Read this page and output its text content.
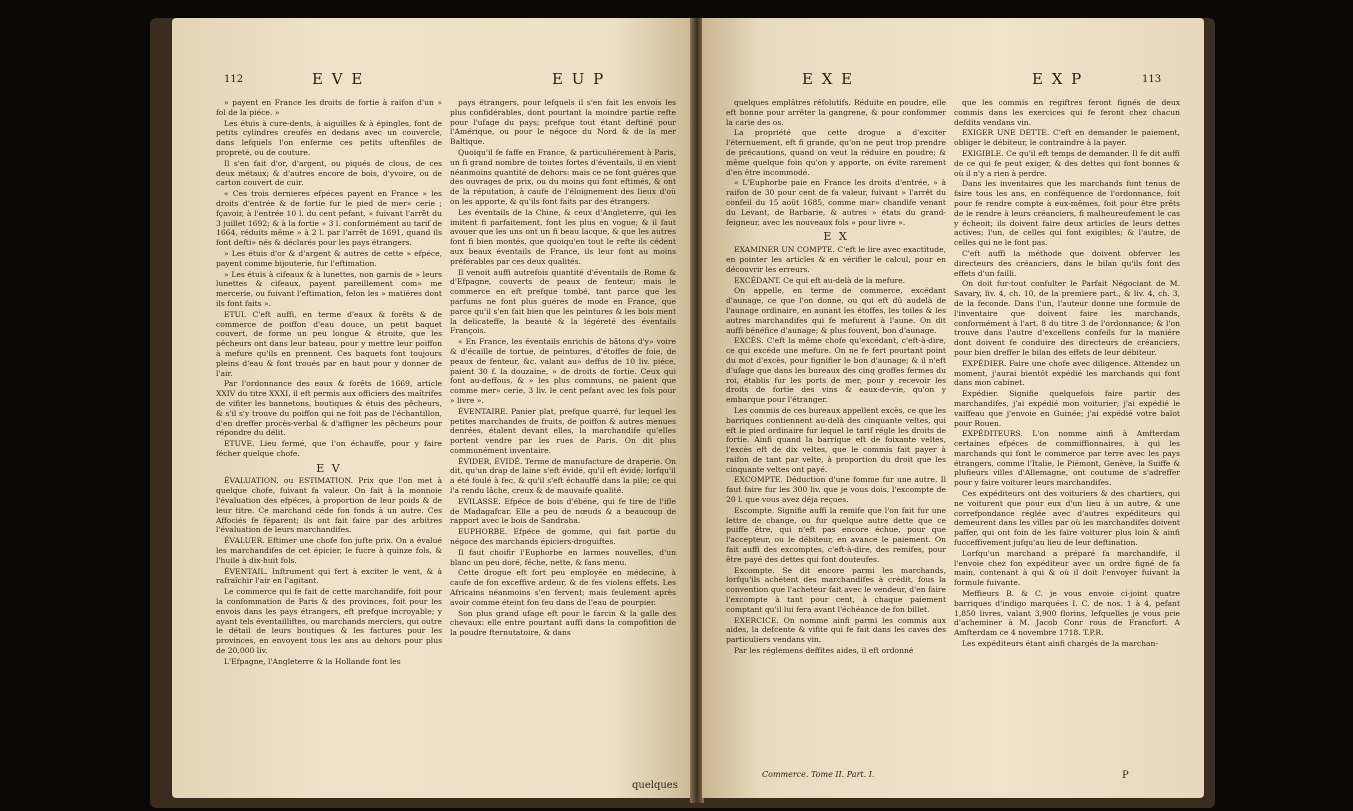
112	E V E	E U P

» payent en France les droits de fortie à raifon d'un » fol de la piéce. »

Les étuis à cure-dents, à aiguilles & à épingles, font de petits cylindres creufés en dedans avec un couvercle, dans lefquels l'on enferme ces petits uftenfiles de propreté, ou de couture.

Il s'en fait d'or, d'argent, ou piqués de clous, de ces deux métaux; & d'autres encore de bois, d'yvoire, ou de carton couvert de cuir.

« Ces trois dernieres efpéces payent en France » les droits d'entrée & de fortie fur le pied de mer» cerie ; fçavoir, à l'entrée 10 l. du cent pefant, » fuivant l'arrêt du 3 juillet 1692; & à la fortie » 3 l. conformément au tarif de 1664, réduits même » à 2 l. par l'arrêt de 1691, quand ils font defti» nés & déclarés pour les pays étrangers.

» Les étuis d'or & d'argent & autres de cette » efpéce, payent comme bijouterie, fur l'eftimation.

» Les étuis à cifeaux & à lunettes, non garnis de » leurs lunettes & cifeaux, payent pareillement com» me mercerie, ou fuivant l'eftimation, felon les » matiéres dont ils font faits ».

ETUI. C'eft auffi, en terme d'eaux & forêts & de commerce de poiffon d'eau douce, un petit baquet couvert, de forme un peu longue & étroite, que les pêcheurs ont dans leur bateau, pour y mettre leur poiffon à mefure qu'ils en prennent. Ces baquets font toujours pleins d'eau & font troués par en haut pour y donner de l'air.

Par l'ordonnance des eaux & forêts de 1669, article XXIV du titre XXXI, il eft permis aux officiers des maîtrifes de vifiter les bannetons, boutiques & étuis des pêcheurs, & s'il s'y trouve du poiffon qui ne foit pas de l'échantillon, d'en dreffer procès-verbal & d'affigner les pêcheurs pour répondre du délit.

ETUVE. Lieu fermé, que l'on échauffe, pour y faire fécher quelque chofe.

E V

ÉVALUATION, ou ESTIMATION. Prix que l'on met à quelque chofe, fuivant fa valeur. On fait à la monnoie l'évaluation des efpéces, à proportion de leur poids & de leur titre. Ce marchand céde fon fonds à un autre. Ces Affociés fe féparent; ils ont fait faire par des arbitres l'évaluation de leurs marchandifes.

ÉVALUER. Eftimer une chofe fon jufte prix. On a évalué les marchandifes de cet épicier, le fucre à quinze fols, & l'huile à dix-huit fols.

ÉVENTAIL. Inftrument qui fert à exciter le vent, & à rafraîchir l'air en l'agitant.

Le commerce qui fe fait de cette marchandife, foit pour la confommation de Paris & des provinces, foit pour les envois dans les pays étrangers, eft prefque incroyable; y ayant tels éventailliftes, ou marchands merciers, qui outre le détail de leurs boutiques & les factures pour les provinces, en envoyent tous les ans au dehors pour plus de 20,000 liv.

L'Efpagne, l'Angleterre & la Hollande font les

pays étrangers, pour lefquels il s'en fait les envois les plus confidérables, dont pourtant la moindre partie refte pour l'ufage du pays; prefque tout étant deftiné pour l'Amérique, ou pour le négoce du Nord & de la mer Baltique.

Quoiqu'il fe faffe en France, & particuliérement à Paris, un fi grand nombre de toutes fortes d'éventails, il en vient néanmoins quantité de dehors: mais ce ne font guéres que des ouvrages de prix, ou du moins qui font eftimés, & ont de la réputation, à caufe de l'éloignement des lieux d'où on les apporte, & qu'ils font faits par des étrangers.

Les éventails de la Chine, & ceux d'Angleterre, qui les imitent fi parfaitement, font les plus en vogue; & il faut avouer que les uns ont un fi beau lacque, & que les autres font fi bien montés, que quoiqu'en tout le refte ils cédent aux beaux éventails de France, ils leur font au moins préférables par ces deux qualités.

Il venoit auffi autrefois quantité d'éventails de Rome & d'Efpagne, couverts de peaux de fenteur; mais le commerce en eft prefque tombé, tant parce que les parfums ne font plus guéres de mode en France, que parce qu'il s'en fait bien que les peintures & les bois ment la delicateffe, la beauté & la légéreté des éventails François.

« En France, les éventails enrichis de bâtons d'y» voire & d'écaille de tortue, de peintures, d'étoffes de foie, de peaux de fenteur, &c. valant au» deffus de 10 liv. piéce, paient 30 f. la douzaine, » de droits de fortie. Ceux qui font au-deffous, & » les plus communs, ne paient que comme mer» cerie, 3 liv. le cent pefant avec les fols pour » livre ».

ÉVENTAIRE. Panier plat, prefque quarré, fur lequel les petites marchandes de fruits, de poiffon & autres menues denrées, étalent devant elles, la marchandife qu'elles portent vendre par les rues de Paris. On dit plus communément inventaire.

ÉVIDER, ÉVIDÉ. Terme de manufacture de draperie. On dit, qu'un drap de laine s'eft évidé, qu'il eft évidé; lorfqu'il a été foulé à fec, & qu'il s'eft échauffé dans la pile; ce qui l'a rendu lâche, creux & de mauvaife qualité.

EVILASSE. Efpéce de bois d'ébéne, qui fe tire de l'ifle de Madagafcar. Elle a peu de nœuds & a beaucoup de rapport avec le bois de Sandraha.

EUPHORBE. Efpéce de gomme, qui fait partie du négoce des marchands épiciers-droguiftes.

Il faut choifir l'Euphorbe en larmes nouvelles, d'un blanc un peu doré, féche, nette, & fans menu.

Cette drogue eft fort peu employée en médecine, à caufe de fon exceffive ardeur, & de fes violens effets. Les Africains néanmoins s'en fervent; mais feulement après avoir comme éteint fon feu dans de l'eau de pourpier.

Son plus grand ufage eft pour le farcin & la galle des chevaux: elle entre pourtant auffi dans la compofition de la poudre fternutatoire, & dans

quelques
E X E	E X P	113

quelques emplâtres réfolutifs. Réduite en poudre, elle eft bonne pour arrêter la gangrene, & pour confommer la carie des os.

La propriété que cette drogue a d'exciter l'éternuement, eft fi grande, qu'on ne peut trop prendre de précautions, quand on veut la réduire en poudre; & même quelque foin qu'on y apporte, on évite rarement d'en être incommodé.

« L'Euphorbe paie en France les droits d'entrée, » à raifon de 30 pour cent de fa valeur, fuivant » l'arrêt du confeil du 15 août 1685, comme mar» chandife venant du Levant, de Barbarie, & autres » états du grand-feigneur, avec les nouveaux fols » pour livre ».

E X

EXAMINER UN COMPTE. C'eft le lire avec exactitude, en pointer les articles & en vérifier le calcul, pour en découvrir les erreurs.

EXCÉDANT. Ce qui eft au-delà de la mefure.

On appelle, en terme de commerce, excédant d'aunage, ce que l'on donne, ou qui eft dû audelà de l'aunage ordinaire, en aunant les étoffes, les toiles & les autres marchandifes qui fe mefurent à l'aune. On dit auffi bénéfice d'aunage; & plus fouvent, bon d'aunage.

EXCÈS. C'eft la même chofe qu'excédant, c'eft-à-dire, ce qui excéde une mefure. On ne fe fert pourtant point du mot d'excès, pour fignifier le bon d'aunage; & il n'eft d'ufage que dans les bureaux des cinq groffes fermes du roi, établis fur les ports de mer, pour y recevoir les droits de fortie des vins & eaux-de-vie, qu'on y embarque pour l'étranger.

Les commis de ces bureaux appellent excès, ce que les barriques contiennent au-delà des cinquante veltes, qui eft le pied ordinaire fur lequel le tarif régle les droits de fortie. Ainfi quand la barrique eft de foixante veltes, l'excès eft de dix veltes, que le commis fait payer à raifon de tant par velte, à proportion du droit que les cinquante veltes ont payé.

EXCOMPTE. Déduction d'une fomme fur une autre. Il faut faire fur les 300 liv. que je vous dois, l'excompte de 20 l. que vous avez déja reçues.

Escompte. Signifie auffi la remife que l'on fait fur une lettre de change, ou fur quelque autre dette que ce puiffe être, qui n'eft pas encore échue, pour que l'accepteur, ou le débiteur, en avance le paiement. On fait auffi des excomptes, c'eft-à-dire, des remifes, pour être payé des dettes qui font douteufes.

Excompte. Se dit encore parmi les marchands, lorfqu'ils achétent des marchandifes à crédit, fous la convention que l'acheteur fait avec le vendeur, d'en faire l'excompte à tant pour cent, à chaque paiement comptant qu'il lui fera avant l'échéance de fon billet.

EXERCICE. On nomme ainfi parmi les commis aux aides, la defcente & vifite qui fe fait dans les caves des particuliers vendans vin.

Par les réglemens deffites aides, il eft ordonné

que les commis en regiftres feront fignés de deux commis dans les exercices qui fe feront chez chacun defdits vendans vin.

EXIGER UNE DETTE. C'eft en demander le paiement, obliger le débiteur, le contraindre à la payer.

EXIGIBLE. Ce qu'il eft temps de demander. Il fe dit auffi de ce qui fe peut exiger, & des dettes qui font bonnes & où il n'y a rien à perdre.

Dans les inventaires que les marchands font tenus de faire tous les ans, en conféquence de l'ordonnance, foit pour fe rendre compte à eux-mêmes, foit pour être prêts de le rendre à leurs créanciers, fi malheureufement le cas y écheoit; ils doivent faire deux articles de leurs dettes actives; l'un, de celles qui font exigibles; & l'autre, de celles qui ne le font pas.

C'eft auffi la méthode que doivent obferver les directeurs des créanciers, dans le bilan qu'ils font des effets d'un failli.

On doit fur-tout confulter le Parfait Négociant de M. Savary, liv. 4, ch. 10, de la premiere part., & liv. 4, ch. 3, de la feconde. Dans l'un, l'auteur donne une formule de l'inventaire que doivent faire les marchands, conformément à l'art. 8 du titre 3 de l'ordonnance; & l'on trouve dans l'autre d'excellens confeils fur la maniére dont doivent fe conduire des directeurs de créanciers, pour bien dreffer le bilan des effets de leur débiteur.

EXPÉDIER. Faire une chofe avec diligence. Attendez un moment, j'aurai bientôt expédié les marchands qui font dans mon cabinet.

Expédier. Signifie quelquefois faire partir des marchandifes, j'ai expédié mon voiturier; j'ai expédié le vaiffeau que j'envoie en Guinée; j'ai expédié votre balot pour Rouen.

EXPÉDITEURS. L'on nomme ainfi à Amfterdam certaines efpéces de commiffionnaires, à qui les marchands qui font le commerce par terre avec les pays étrangers, comme l'Italie, le Piémont, Genève, la Suiffe & plufieurs villes d'Allemagne, ont coutume de s'adreffer pour y faire voiturer leurs marchandifes.

Ces expéditeurs ont des voituriers & des chartiers, qui ne voiturent que pour eux d'un lieu à un autre, & une correfpondance réglée avec d'autres expéditeurs qui demeurent dans les villes par où les marchandifes doivent paffer, qui ont foin de les faire voiturer plus loin & ainfi fucceffivement jufqu'au lieu de leur deftination.

Lorfqu'un marchand a préparé fa marchandife, il l'envoie chez fon expéditeur avec un ordre figné de fa main, contenant à qui & où il doit l'envoyer fuivant la formule fuivante.

Meffieurs B. & C. je vous envoie ci-joint quatre barriques d'indigo marquées I. C. de nos. 1 à 4, pefant 1,850 livres, valant 3,900 florins, lefquelles je vous prie d'acheminer à M. Jacob Conr rous de Francfort. A Amfterdam ce 4 novembre 1718. T.P.R.

Les expéditeurs étant ainfi chargés de la marchan-

Commerce. Tome II. Part. I.	P
